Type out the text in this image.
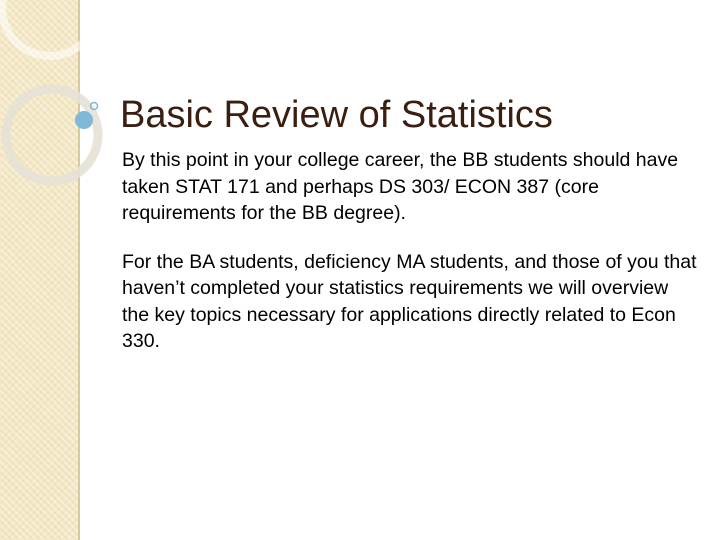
Basic Review of Statistics

By this point in your college career, the BB students should have taken STAT 171 and perhaps DS 303/ ECON 387 (core requirements for the BB degree).

For the BA students, deficiency MA students, and those of you that haven’t completed your statistics requirements we will overview the key topics necessary for applications directly related to Econ 330.
